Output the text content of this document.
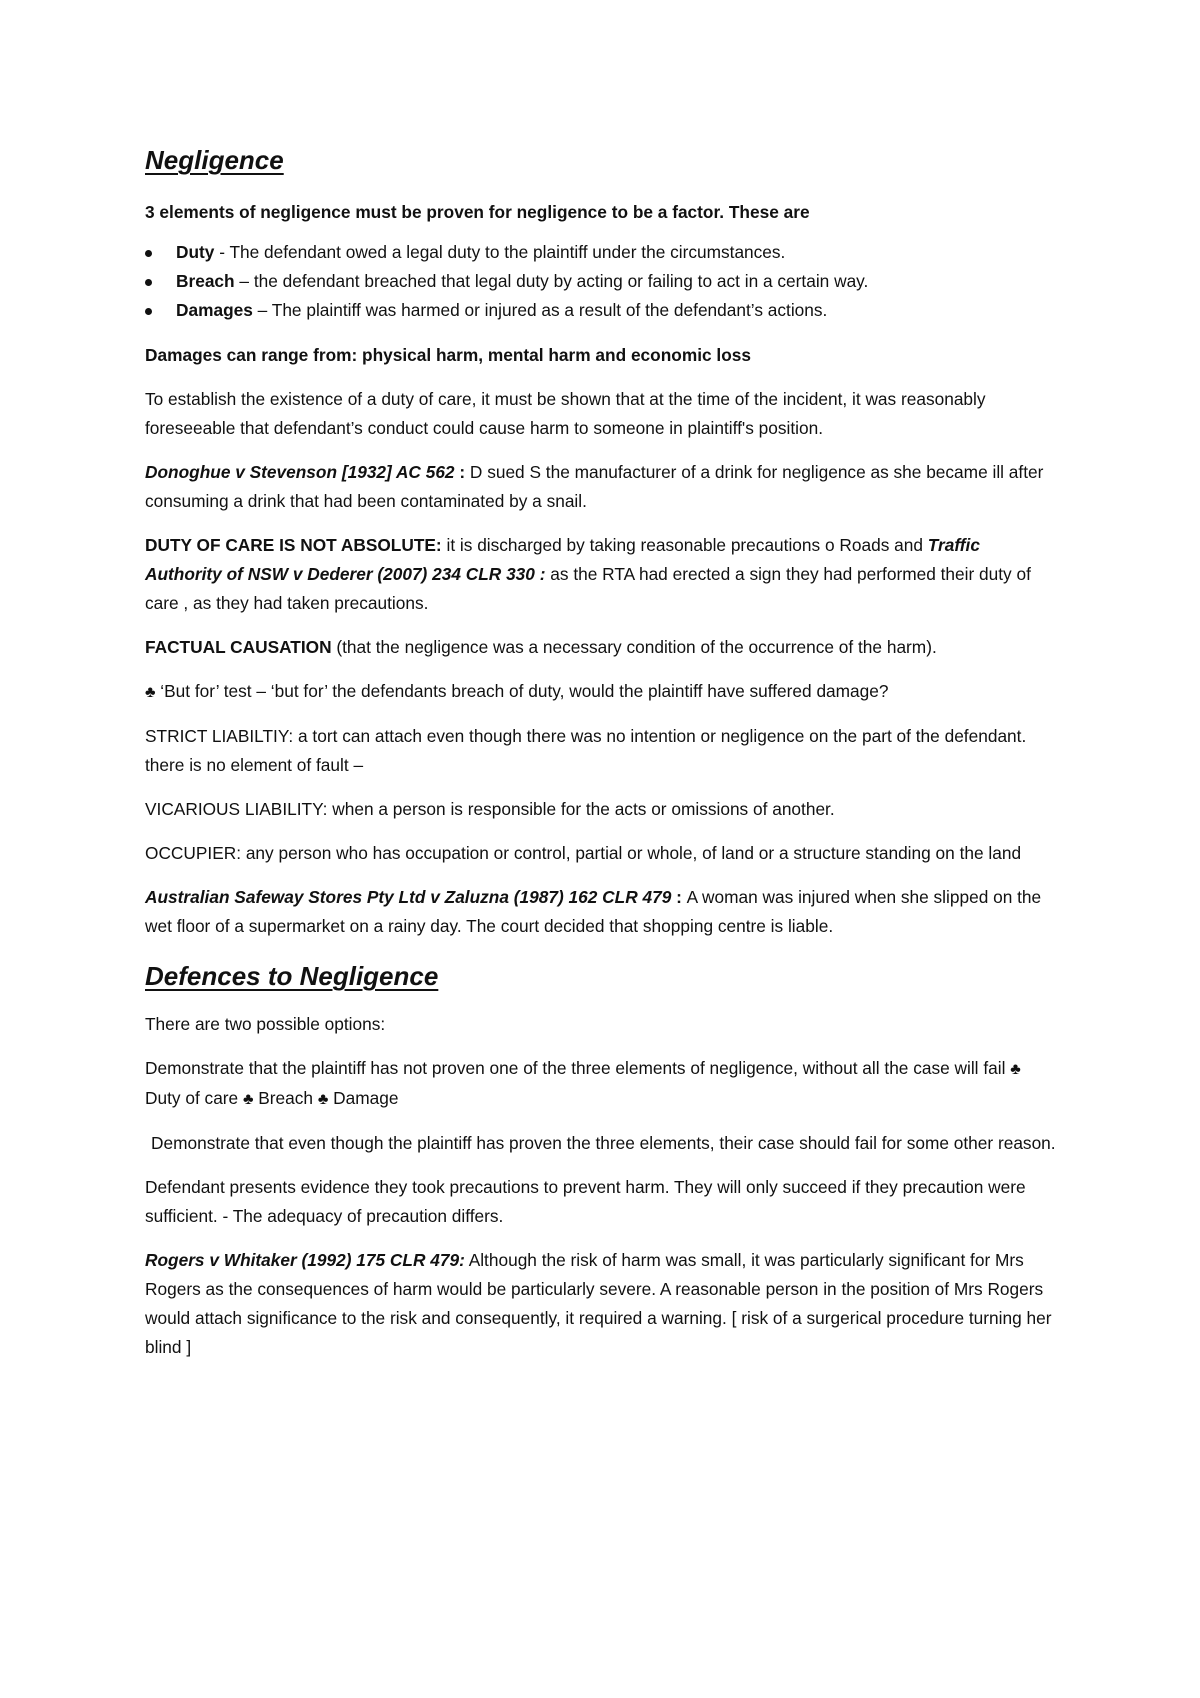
Negligence

3 elements of negligence must be proven for negligence to be a factor. These are

Duty - The defendant owed a legal duty to the plaintiff under the circumstances.
Breach – the defendant breached that legal duty by acting or failing to act in a certain way.
Damages – The plaintiff was harmed or injured as a result of the defendant’s actions.

Damages can range from: physical harm, mental harm and economic loss

To establish the existence of a duty of care, it must be shown that at the time of the incident, it was reasonably foreseeable that defendant’s conduct could cause harm to someone in plaintiff's position.

Donoghue v Stevenson [1932] AC 562 : D sued S the manufacturer of a drink for negligence as she became ill after consuming a drink that had been contaminated by a snail.

DUTY OF CARE IS NOT ABSOLUTE: it is discharged by taking reasonable precautions o Roads and Traffic Authority of NSW v Dederer (2007) 234 CLR 330 : as the RTA had erected a sign they had performed their duty of care , as they had taken precautions.

FACTUAL CAUSATION (that the negligence was a necessary condition of the occurrence of the harm).

♣ ‘But for’ test – ‘but for’ the defendants breach of duty, would the plaintiff have suffered damage?

STRICT LIABILTIY: a tort can attach even though there was no intention or negligence on the part of the defendant. there is no element of fault –

VICARIOUS LIABILITY: when a person is responsible for the acts or omissions of another.

OCCUPIER: any person who has occupation or control, partial or whole, of land or a structure standing on the land

Australian Safeway Stores Pty Ltd v Zaluzna (1987) 162 CLR 479 : A woman was injured when she slipped on the wet floor of a supermarket on a rainy day. The court decided that shopping centre is liable.

Defences to Negligence

There are two possible options:

Demonstrate that the plaintiff has not proven one of the three elements of negligence, without all the case will fail ♣ Duty of care ♣ Breach ♣ Damage

Demonstrate that even though the plaintiff has proven the three elements, their case should fail for some other reason.

Defendant presents evidence they took precautions to prevent harm. They will only succeed if they precaution were sufficient. - The adequacy of precaution differs.

Rogers v Whitaker (1992) 175 CLR 479: Although the risk of harm was small, it was particularly significant for Mrs Rogers as the consequences of harm would be particularly severe. A reasonable person in the position of Mrs Rogers would attach significance to the risk and consequently, it required a warning. [ risk of a surgerical procedure turning her blind ]
